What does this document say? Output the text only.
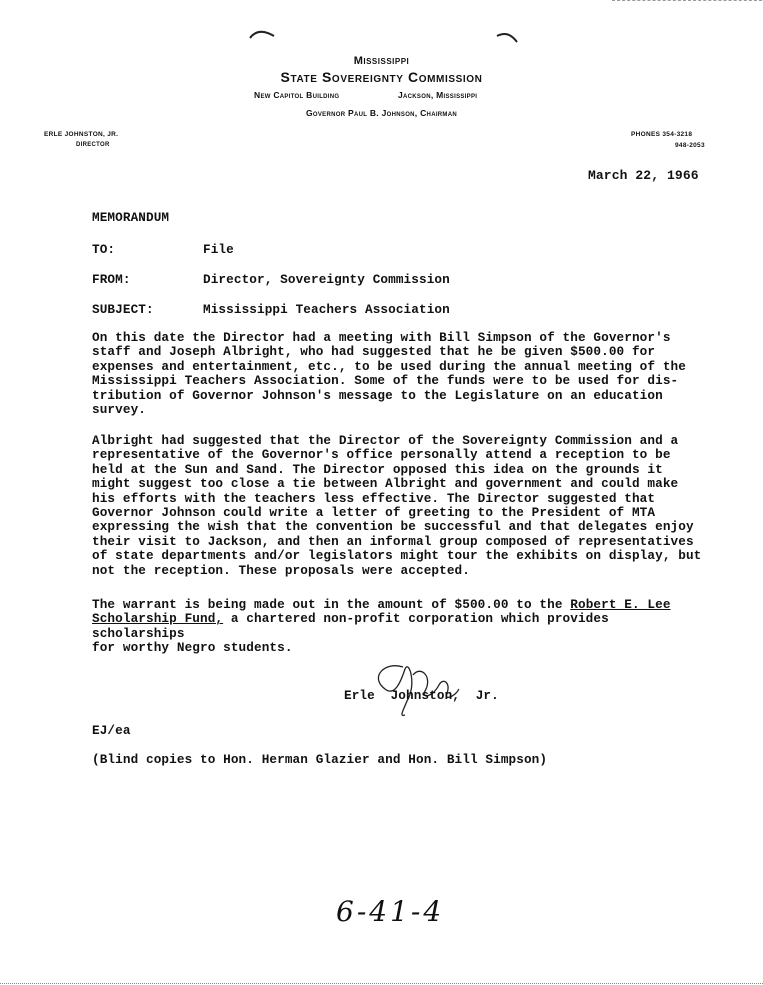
Mississippi
State Sovereignty Commission
New Capitol Building	Jackson, Mississippi
Governor Paul B. Johnson, Chairman
ERLE JOHNSTON, JR.
DIRECTOR
PHONES 354-3218
948-2053
March 22, 1966
MEMORANDUM
TO:	File
FROM:	Director, Sovereignty Commission
SUBJECT:	Mississippi Teachers Association

On this date the Director had a meeting with Bill Simpson of the Governor's

staff and Joseph Albright, who had suggested that he be given $500.00 for

expenses and entertainment, etc., to be used during the annual meeting of the

Mississippi Teachers Association. Some of the funds were to be used for dis-

tribution of Governor Johnson's message to the Legislature on an education

survey.

Albright had suggested that the Director of the Sovereignty Commission and a

representative of the Governor's office personally attend a reception to be

held at the Sun and Sand. The Director opposed this idea on the grounds it

might suggest too close a tie between Albright and government and could make

his efforts with the teachers less effective. The Director suggested that

Governor Johnson could write a letter of greeting to the President of MTA

expressing the wish that the convention be successful and that delegates enjoy

their visit to Jackson, and then an informal group composed of representatives

of state departments and/or legislators might tour the exhibits on display, but

not the reception. These proposals were accepted.

The warrant is being made out in the amount of $500.00 to the Robert E. Lee

Scholarship Fund, a chartered non-profit corporation which provides scholarships

for worthy Negro students.

Erle Johnston, Jr.
EJ/ea
(Blind copies to Hon. Herman Glazier and Hon. Bill Simpson)
6-41-4
